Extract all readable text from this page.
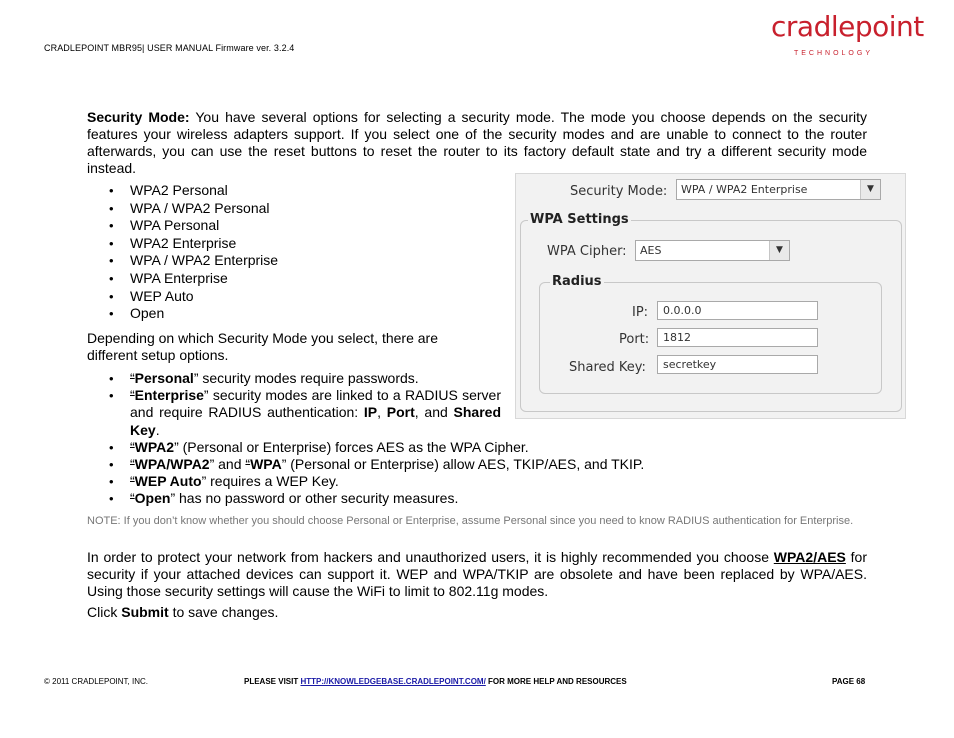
CRADLEPOINT MBR95| USER MANUAL Firmware ver. 3.2.4
cradlepoint
TECHNOLOGY

Security Mode: You have several options for selecting a security mode. The mode you choose depends on the security features your wireless adapters support. If you select one of the security modes and are unable to connect to the router afterwards, you can use the reset buttons to reset the router to its factory default state and try a different security mode instead.

• WPA2 Personal
• WPA / WPA2 Personal
• WPA Personal
• WPA2 Enterprise
• WPA / WPA2 Enterprise
• WPA Enterprise
• WEP Auto
• Open

Depending on which Security Mode you select, there are different setup options.

• “Personal” security modes require passwords.
• “Enterprise” security modes are linked to a RADIUS server and require RADIUS authentication: IP, Port, and Shared Key.
• “WPA2” (Personal or Enterprise) forces AES as the WPA Cipher.
• “WPA/WPA2” and “WPA” (Personal or Enterprise) allow AES, TKIP/AES, and TKIP.
• “WEP Auto” requires a WEP Key.
• “Open” has no password or other security measures.

NOTE: If you don’t know whether you should choose Personal or Enterprise, assume Personal since you need to know RADIUS authentication for Enterprise.

In order to protect your network from hackers and unauthorized users, it is highly recommended you choose WPA2/AES for security if your attached devices can support it. WEP and WPA/TKIP are obsolete and have been replaced by WPA/AES. Using those security settings will cause the WiFi to limit to 802.11g modes.

Click Submit to save changes.

Security Mode:	WPA / WPA2 Enterprise	▼
WPA Settings
WPA Cipher:	AES	▼
Radius
IP:	0.0.0.0
Port:	1812
Shared Key:	secretkey
© 2011 CRADLEPOINT, INC.	PLEASE VISIT HTTP://KNOWLEDGEBASE.CRADLEPOINT.COM/ FOR MORE HELP AND RESOURCES	PAGE 68
